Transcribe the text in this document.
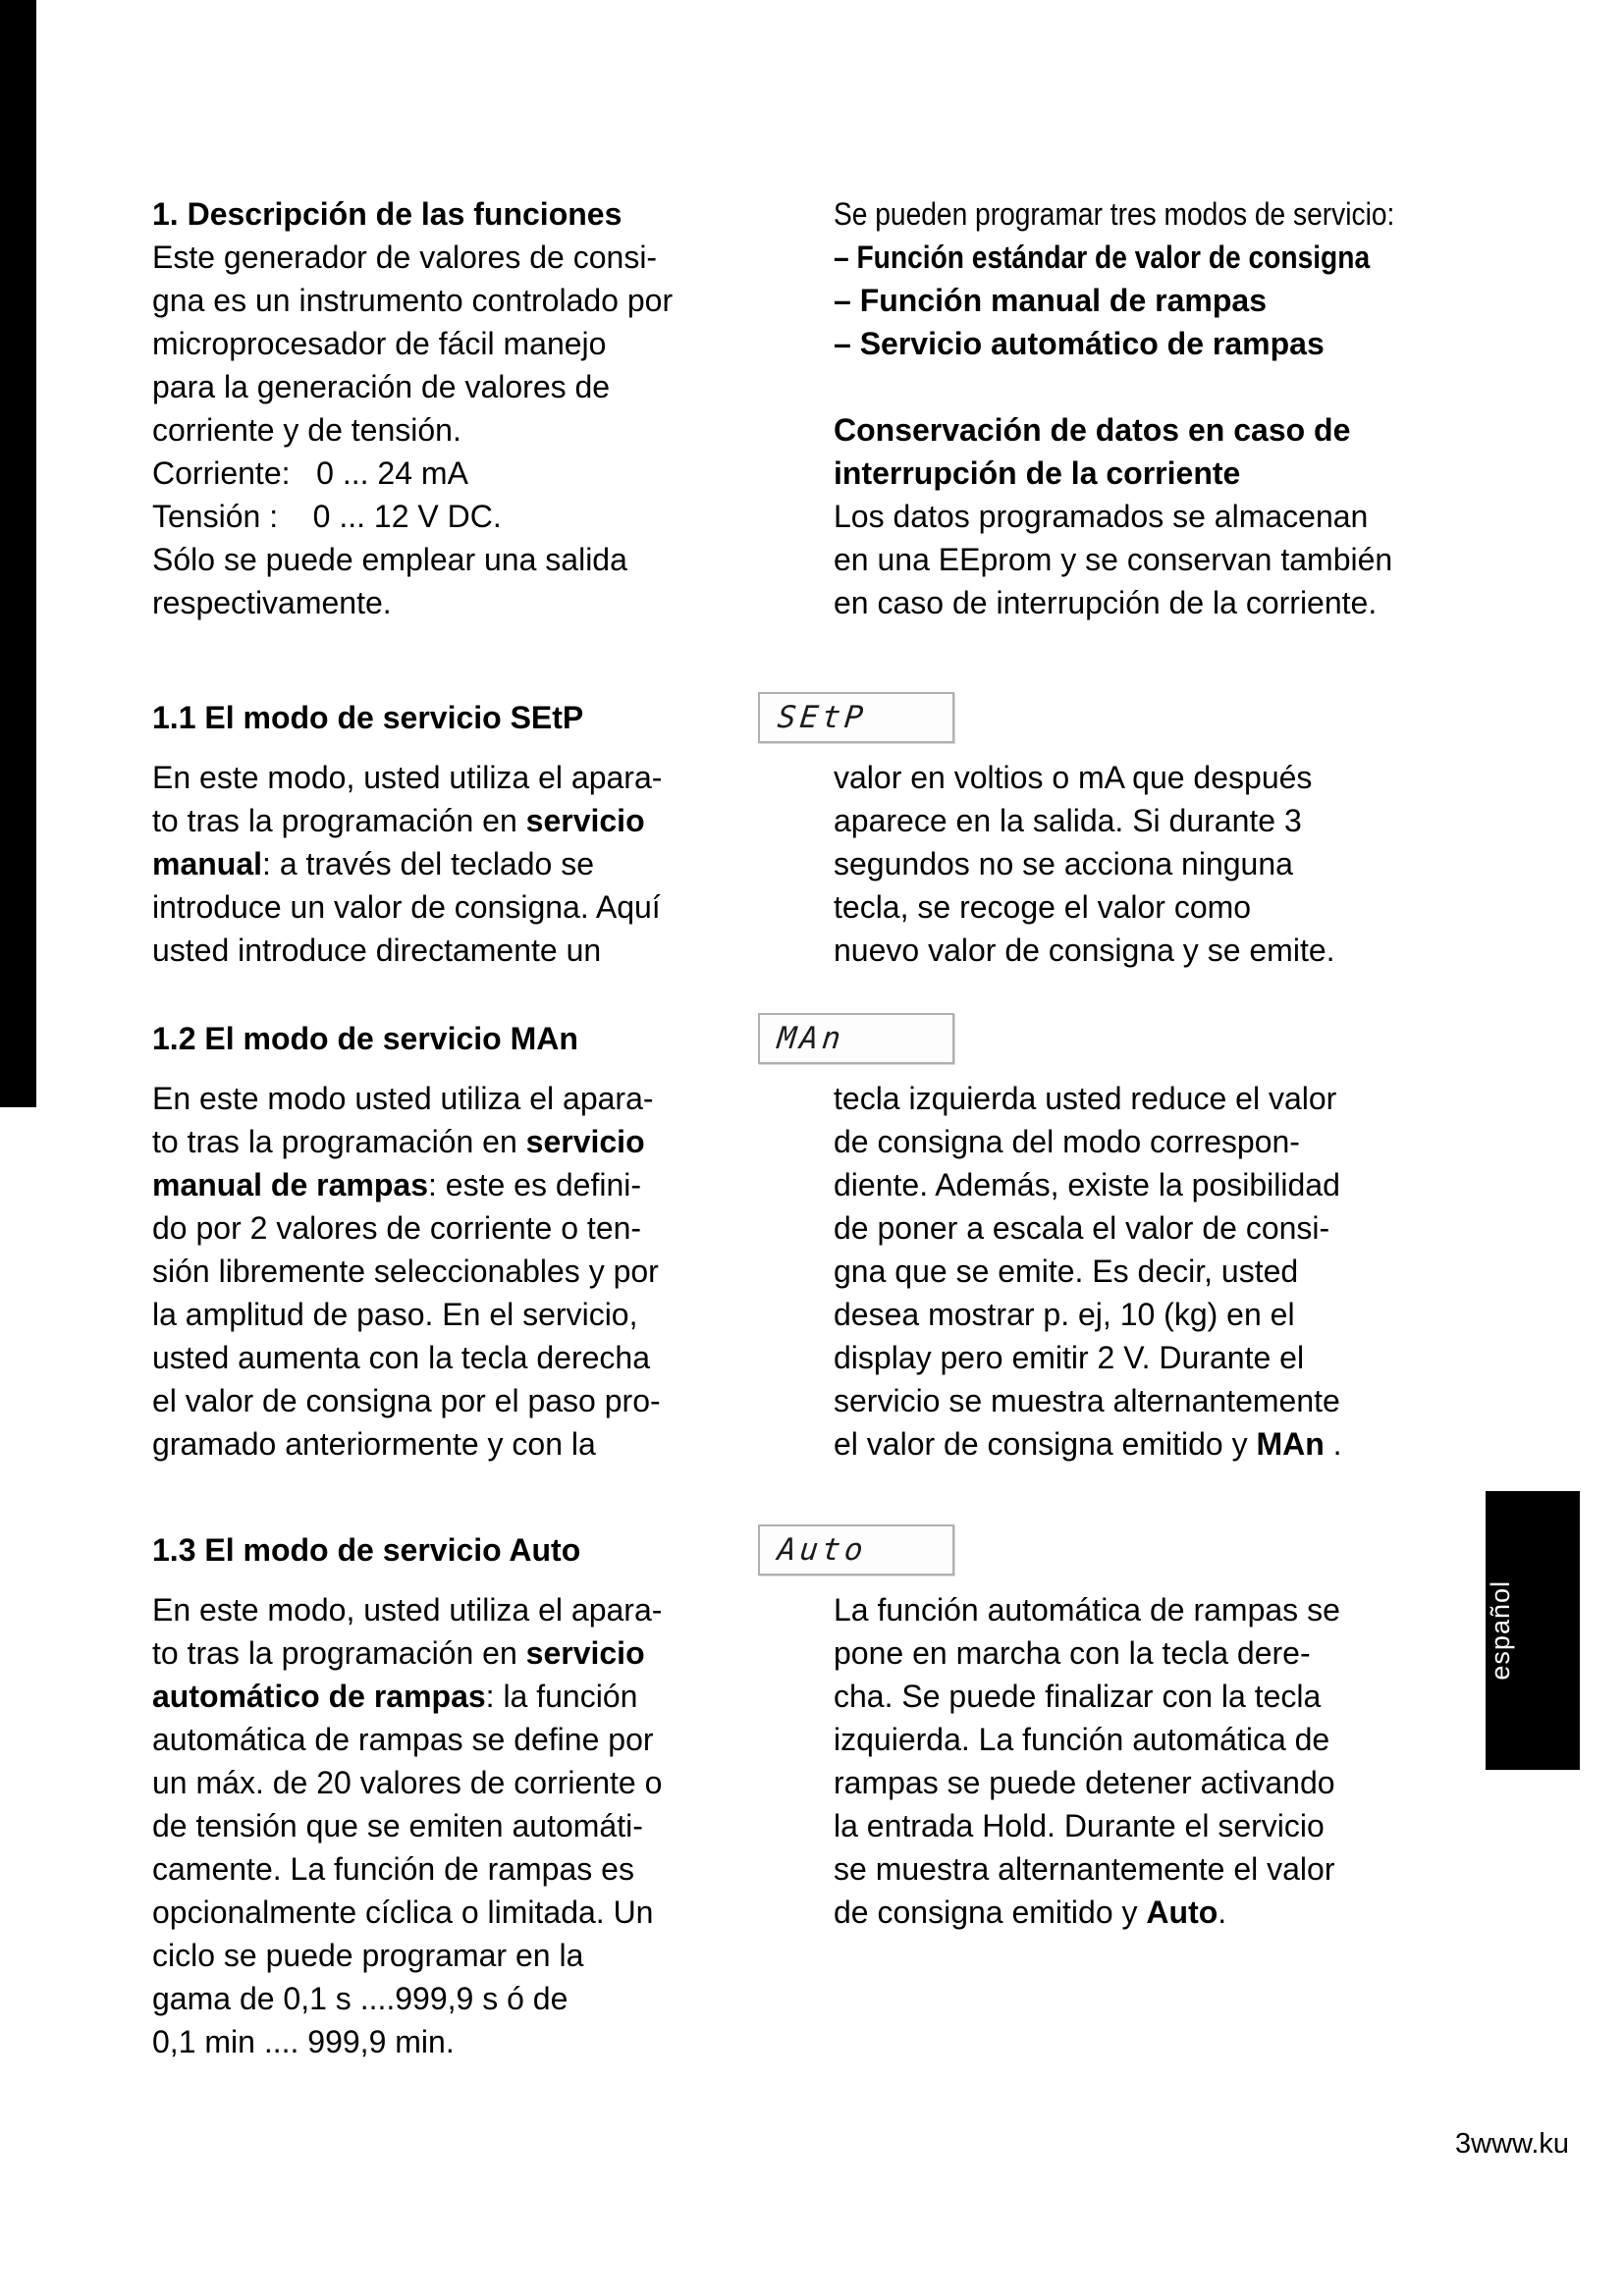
1. Descripción de las funciones
Este generador de valores de consi-
gna es un instrumento controlado por
microprocesador de fácil manejo
para la generación de valores de
corriente y de tensión.
Corriente:   0 ... 24 mA
Tensión :    0 ... 12 V DC.
Sólo se puede emplear una salida
respectivamente.
Se pueden programar tres modos de servicio:
– Función estándar de valor de consigna
– Función manual de rampas
– Servicio automático de rampas
Conservación de datos en caso de
interrupción de la corriente
Los datos programados se almacenan
en una EEprom y se conservan también
en caso de interrupción de la corriente.
1.1 El modo de servicio SEtP	SEtP
En este modo, usted utiliza el apara-
to tras la programación en servicio
manual: a través del teclado se
introduce un valor de consigna. Aquí
usted introduce directamente un
valor en voltios o mA que después
aparece en la salida. Si durante 3
segundos no se acciona ninguna
tecla, se recoge el valor como
nuevo valor de consigna y se emite.
1.2 El modo de servicio MAn	MAn
En este modo usted utiliza el apara-
to tras la programación en servicio
manual de rampas: este es defini-
do por 2 valores de corriente o ten-
sión libremente seleccionables y por
la amplitud de paso. En el servicio,
usted aumenta con la tecla derecha
el valor de consigna por el paso pro-
gramado anteriormente y con la
tecla izquierda usted reduce el valor
de consigna del modo correspon-
diente. Además, existe la posibilidad
de poner a escala el valor de consi-
gna que se emite. Es decir, usted
desea mostrar p. ej, 10 (kg) en el
display pero emitir 2 V. Durante el
servicio se muestra alternantemente
el valor de consigna emitido y MAn .
1.3 El modo de servicio Auto	Auto
En este modo, usted utiliza el apara-
to tras la programación en servicio
automático de rampas: la función
automática de rampas se define por
un máx. de 20 valores de corriente o
de tensión que se emiten automáti-
camente. La función de rampas es
opcionalmente cíclica o limitada. Un
ciclo se puede programar en la
gama de 0,1 s ....999,9 s ó de
0,1 min .... 999,9 min.
La función automática de rampas se
pone en marcha con la tecla dere-
cha. Se puede finalizar con la tecla
izquierda. La función automática de
rampas se puede detener activando
la entrada Hold. Durante el servicio
se muestra alternantemente el valor
de consigna emitido y Auto.
español
3www.ku
